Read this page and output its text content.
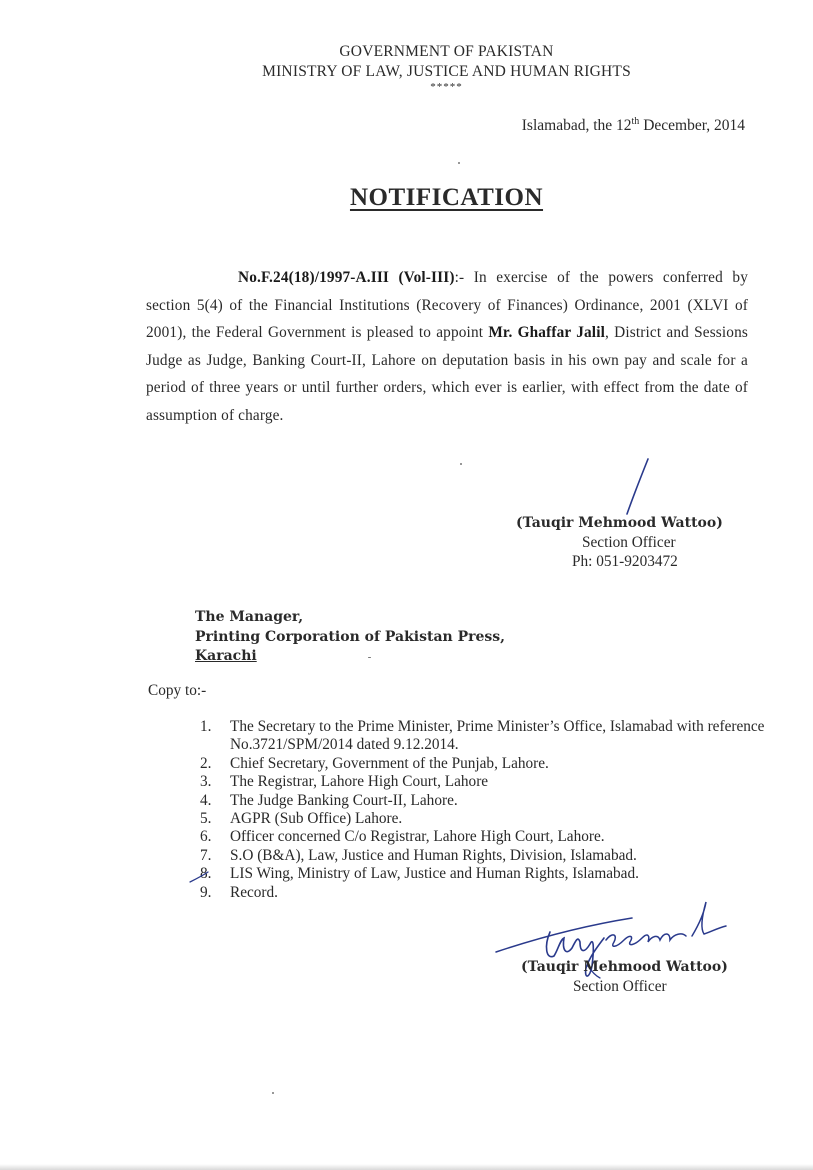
GOVERNMENT OF PAKISTAN
MINISTRY OF LAW, JUSTICE AND HUMAN RIGHTS
*****
Islamabad, the 12th December, 2014
NOTIFICATION
No.F.24(18)/1997-A.III (Vol-III):- In exercise of the powers conferred by section 5(4) of the Financial Institutions (Recovery of Finances) Ordinance, 2001 (XLVI of 2001), the Federal Government is pleased to appoint Mr. Ghaffar Jalil, District and Sessions Judge as Judge, Banking Court-II, Lahore on deputation basis in his own pay and scale for a period of three years or until further orders, which ever is earlier, with effect from the date of assumption of charge.
(Tauqir Mehmood Wattoo)
Section Officer
Ph: 051-9203472
The Manager,
Printing Corporation of Pakistan Press,
Karachi
Copy to:-
1.	The Secretary to the Prime Minister, Prime Minister’s Office, Islamabad with reference No.3721/SPM/2014 dated 9.12.2014.
2.	Chief Secretary, Government of the Punjab, Lahore.
3.	The Registrar, Lahore High Court, Lahore
4.	The Judge Banking Court-II, Lahore.
5.	AGPR (Sub Office) Lahore.
6.	Officer concerned C/o Registrar, Lahore High Court, Lahore.
7.	S.O (B&A), Law, Justice and Human Rights, Division, Islamabad.
8.	LIS Wing, Ministry of Law, Justice and Human Rights, Islamabad.
9.	Record.
(Tauqir Mehmood Wattoo)
Section Officer
